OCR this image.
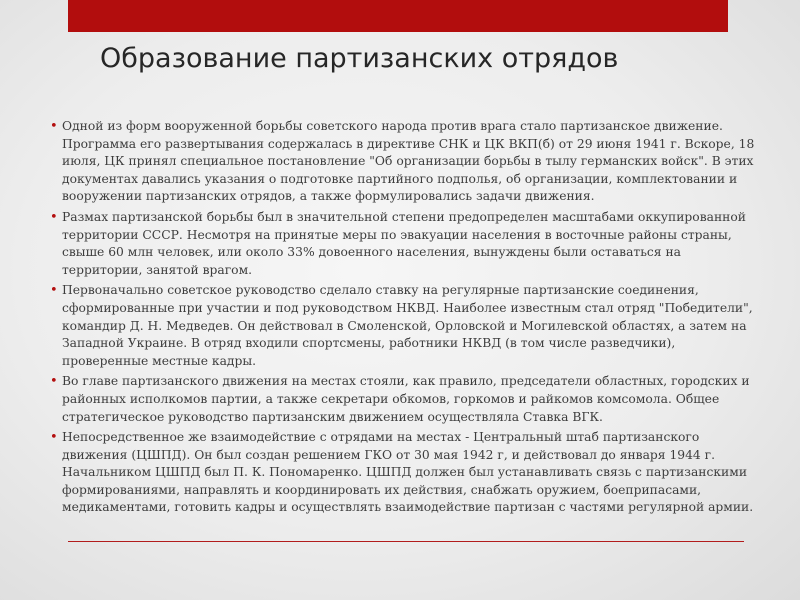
Образование партизанских отрядов
• Одной из форм вооруженной борьбы советского народа против врага стало партизанское движение. Программа его развертывания содержалась в директиве СНК и ЦК ВКП(б) от 29 июня 1941 г. Вскоре, 18 июля, ЦК принял специальное постановление "Об организации борьбы в тылу германских войск". В этих документах давались указания о подготовке партийного подполья, об организации, комплектовании и вооружении партизанских отрядов, а также формулировались задачи движения.
• Размах партизанской борьбы был в значительной степени предопределен масштабами оккупированной территории СССР. Несмотря на принятые меры по эвакуации населения в восточные районы страны, свыше 60 млн человек, или около 33% довоенного населения, вынуждены были оставаться на территории, занятой врагом.
• Первоначально советское руководство сделало ставку на регулярные партизанские соединения, сформированные при участии и под руководством НКВД. Наиболее известным стал отряд "Победители", командир Д. Н. Медведев. Он действовал в Смоленской, Орловской и Могилевской областях, а затем на Западной Украине. В отряд входили спортсмены, работники НКВД (в том числе разведчики), проверенные местные кадры.
• Во главе партизанского движения на местах стояли, как правило, председатели областных, городских и районных исполкомов партии, а также секретари обкомов, горкомов и райкомов комсомола. Общее стратегическое руководство партизанским движением осуществляла Ставка ВГК.
• Непосредственное же взаимодействие с отрядами на местах - Центральный штаб партизанского движения (ЦШПД). Он был создан решением ГКО от 30 мая 1942 г, и действовал до января 1944 г. Начальником ЦШПД был П. К. Пономаренко. ЦШПД должен был устанавливать связь с партизанскими формированиями, направлять и координировать их действия, снабжать оружием, боеприпасами, медикаментами, готовить кадры и осуществлять взаимодействие партизан с частями регулярной армии.
